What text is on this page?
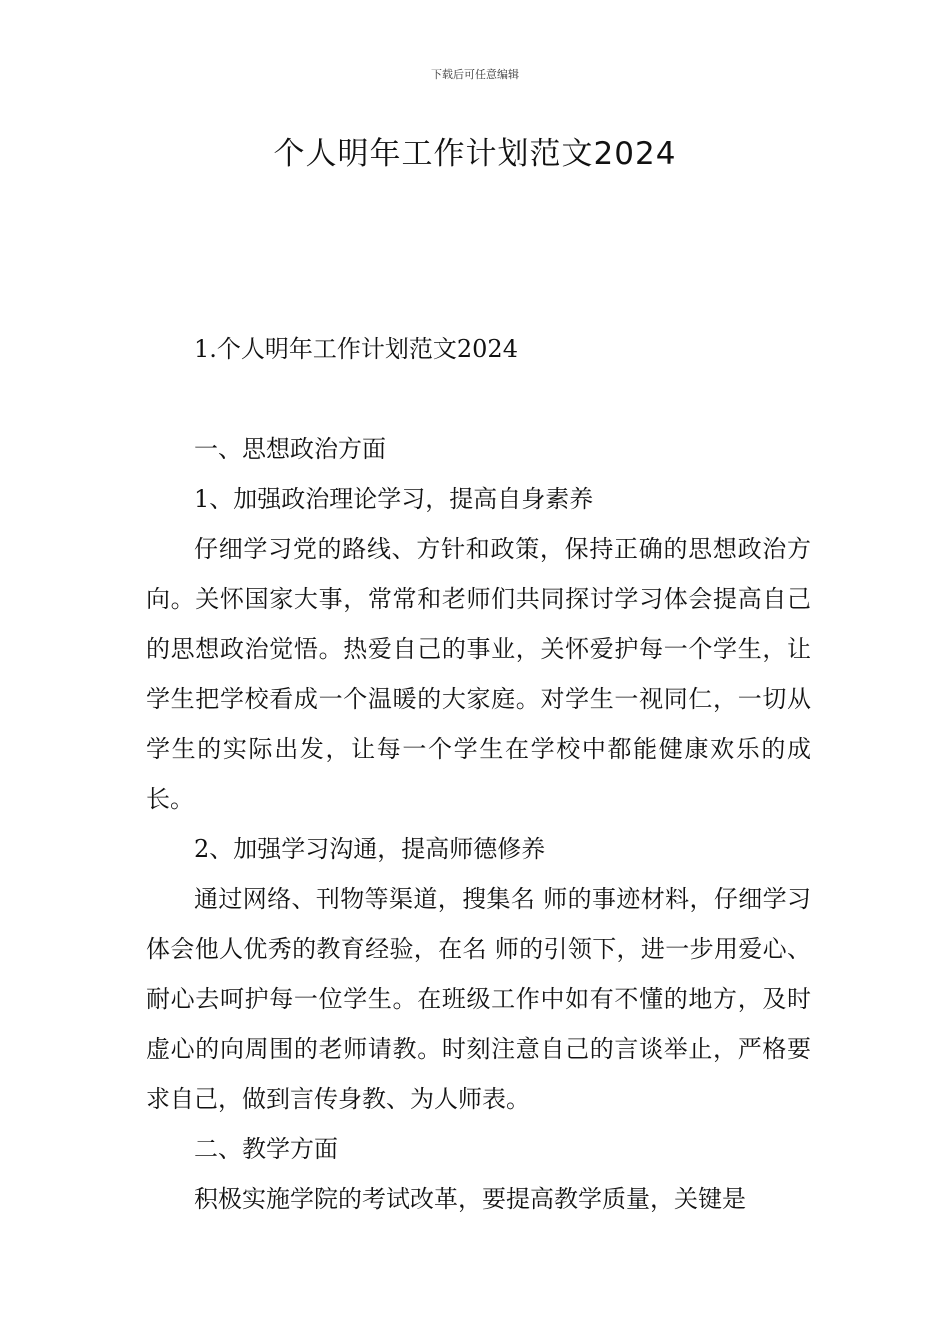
下载后可任意编辑
个人明年工作计划范文2024

1.个人明年工作计划范文2024

一、思想政治方面

1、加强政治理论学习，提高自身素养

仔细学习党的路线、方针和政策，保持正确的思想政治方向。关怀国家大事，常常和老师们共同探讨学习体会提高自己的思想政治觉悟。热爱自己的事业，关怀爱护每一个学生，让学生把学校看成一个温暖的大家庭。对学生一视同仁，一切从学生的实际出发，让每一个学生在学校中都能健康欢乐的成长。

2、加强学习沟通，提高师德修养

通过网络、刊物等渠道，搜集名 师的事迹材料，仔细学习体会他人优秀的教育经验，在名 师的引领下，进一步用爱心、耐心去呵护每一位学生。在班级工作中如有不懂的地方，及时虚心的向周围的老师请教。时刻注意自己的言谈举止，严格要求自己，做到言传身教、为人师表。

二、教学方面

积极实施学院的考试改革，要提高教学质量，关键是
